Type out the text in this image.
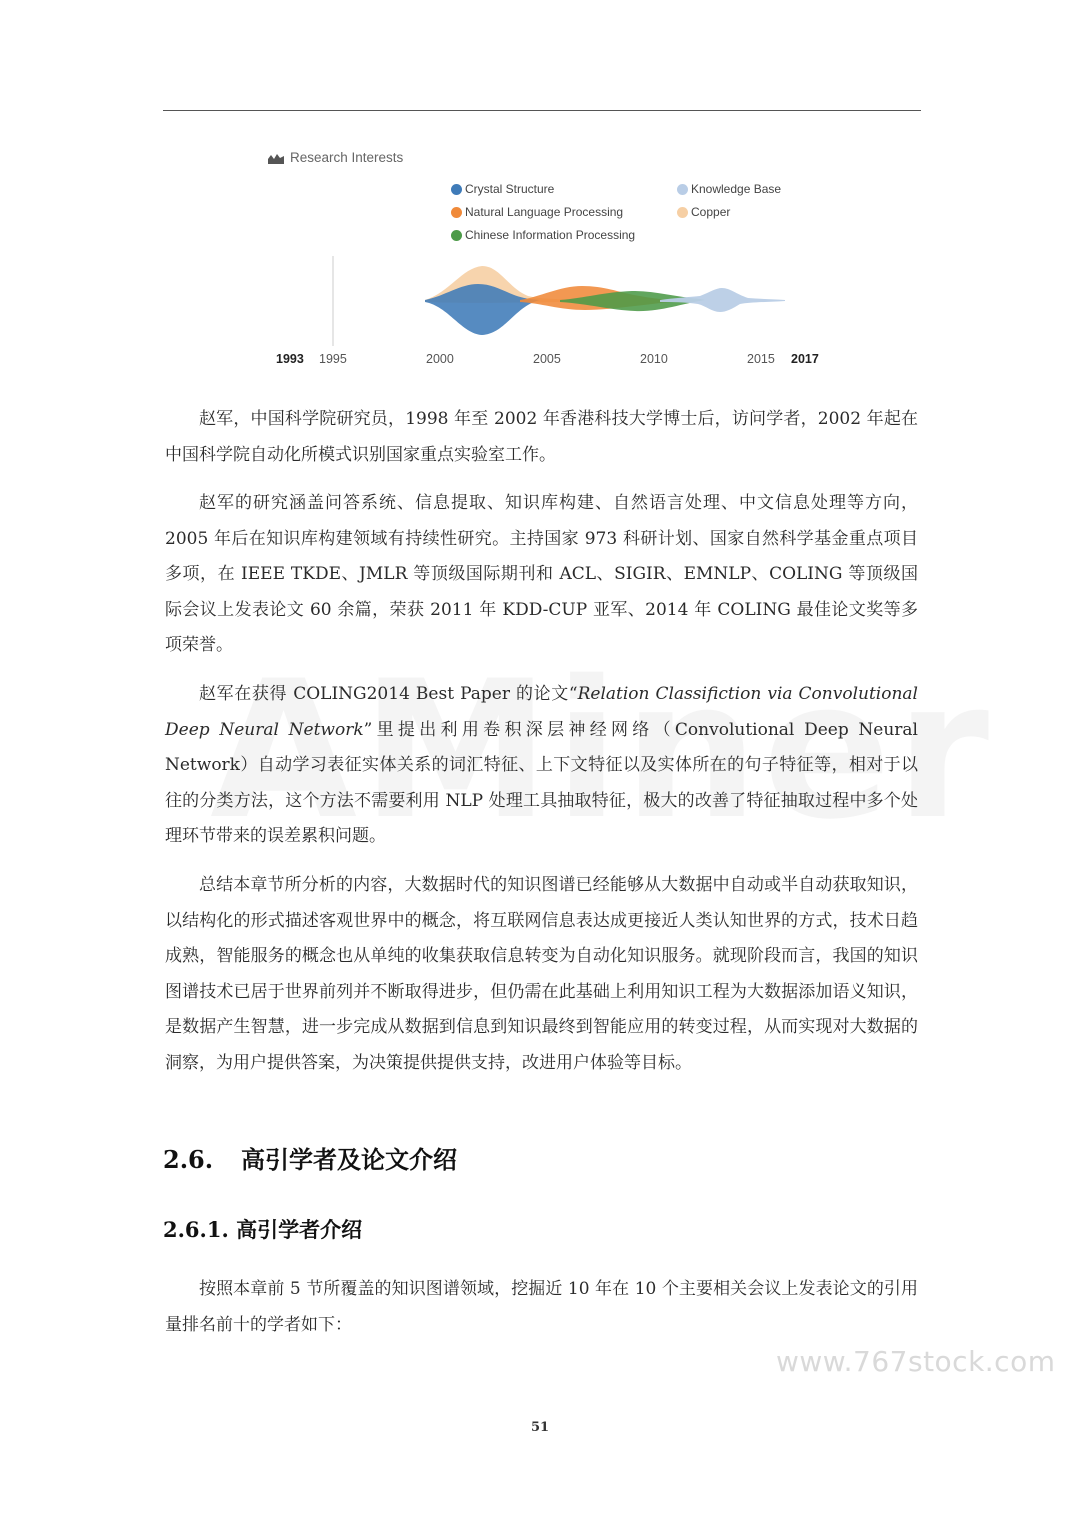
Research Interests
Crystal Structure	Knowledge Base
Natural Language Processing	Copper
Chinese Information Processing
1993 1995	2000	2005	2010	2015 2017

赵军，中国科学院研究员，1998 年至 2002 年香港科技大学博士后，访问学者，2002 年起在中国科学院自动化所模式识别国家重点实验室工作。

赵军的研究涵盖问答系统、信息提取、知识库构建、自然语言处理、中文信息处理等方向，2005 年后在知识库构建领域有持续性研究。主持国家 973 科研计划、国家自然科学基金重点项目多项，在 IEEE TKDE、JMLR 等顶级国际期刊和 ACL、SIGIR、EMNLP、COLING 等顶级国际会议上发表论文 60 余篇，荣获 2011 年 KDD-CUP 亚军、2014 年 COLING 最佳论文奖等多项荣誉。

赵军在获得 COLING2014 Best Paper 的论文“Relation Classifiction via Convolutional Deep Neural Network”里提出利用卷积深层神经网络（Convolutional Deep Neural Network）自动学习表征实体关系的词汇特征、上下文特征以及实体所在的句子特征等，相对于以往的分类方法，这个方法不需要利用 NLP 处理工具抽取特征，极大的改善了特征抽取过程中多个处理环节带来的误差累积问题。

总结本章节所分析的内容，大数据时代的知识图谱已经能够从大数据中自动或半自动获取知识，以结构化的形式描述客观世界中的概念，将互联网信息表达成更接近人类认知世界的方式，技术日趋成熟，智能服务的概念也从单纯的收集获取信息转变为自动化知识服务。就现阶段而言，我国的知识图谱技术已居于世界前列并不断取得进步，但仍需在此基础上利用知识工程为大数据添加语义知识，是数据产生智慧，进一步完成从数据到信息到知识最终到智能应用的转变过程，从而实现对大数据的洞察，为用户提供答案，为决策提供提供支持，改进用户体验等目标。

2.6. 高引学者及论文介绍
2.6.1. 高引学者介绍

按照本章前 5 节所覆盖的知识图谱领域，挖掘近 10 年在 10 个主要相关会议上发表论文的引用量排名前十的学者如下：

www.767stock.com
51
